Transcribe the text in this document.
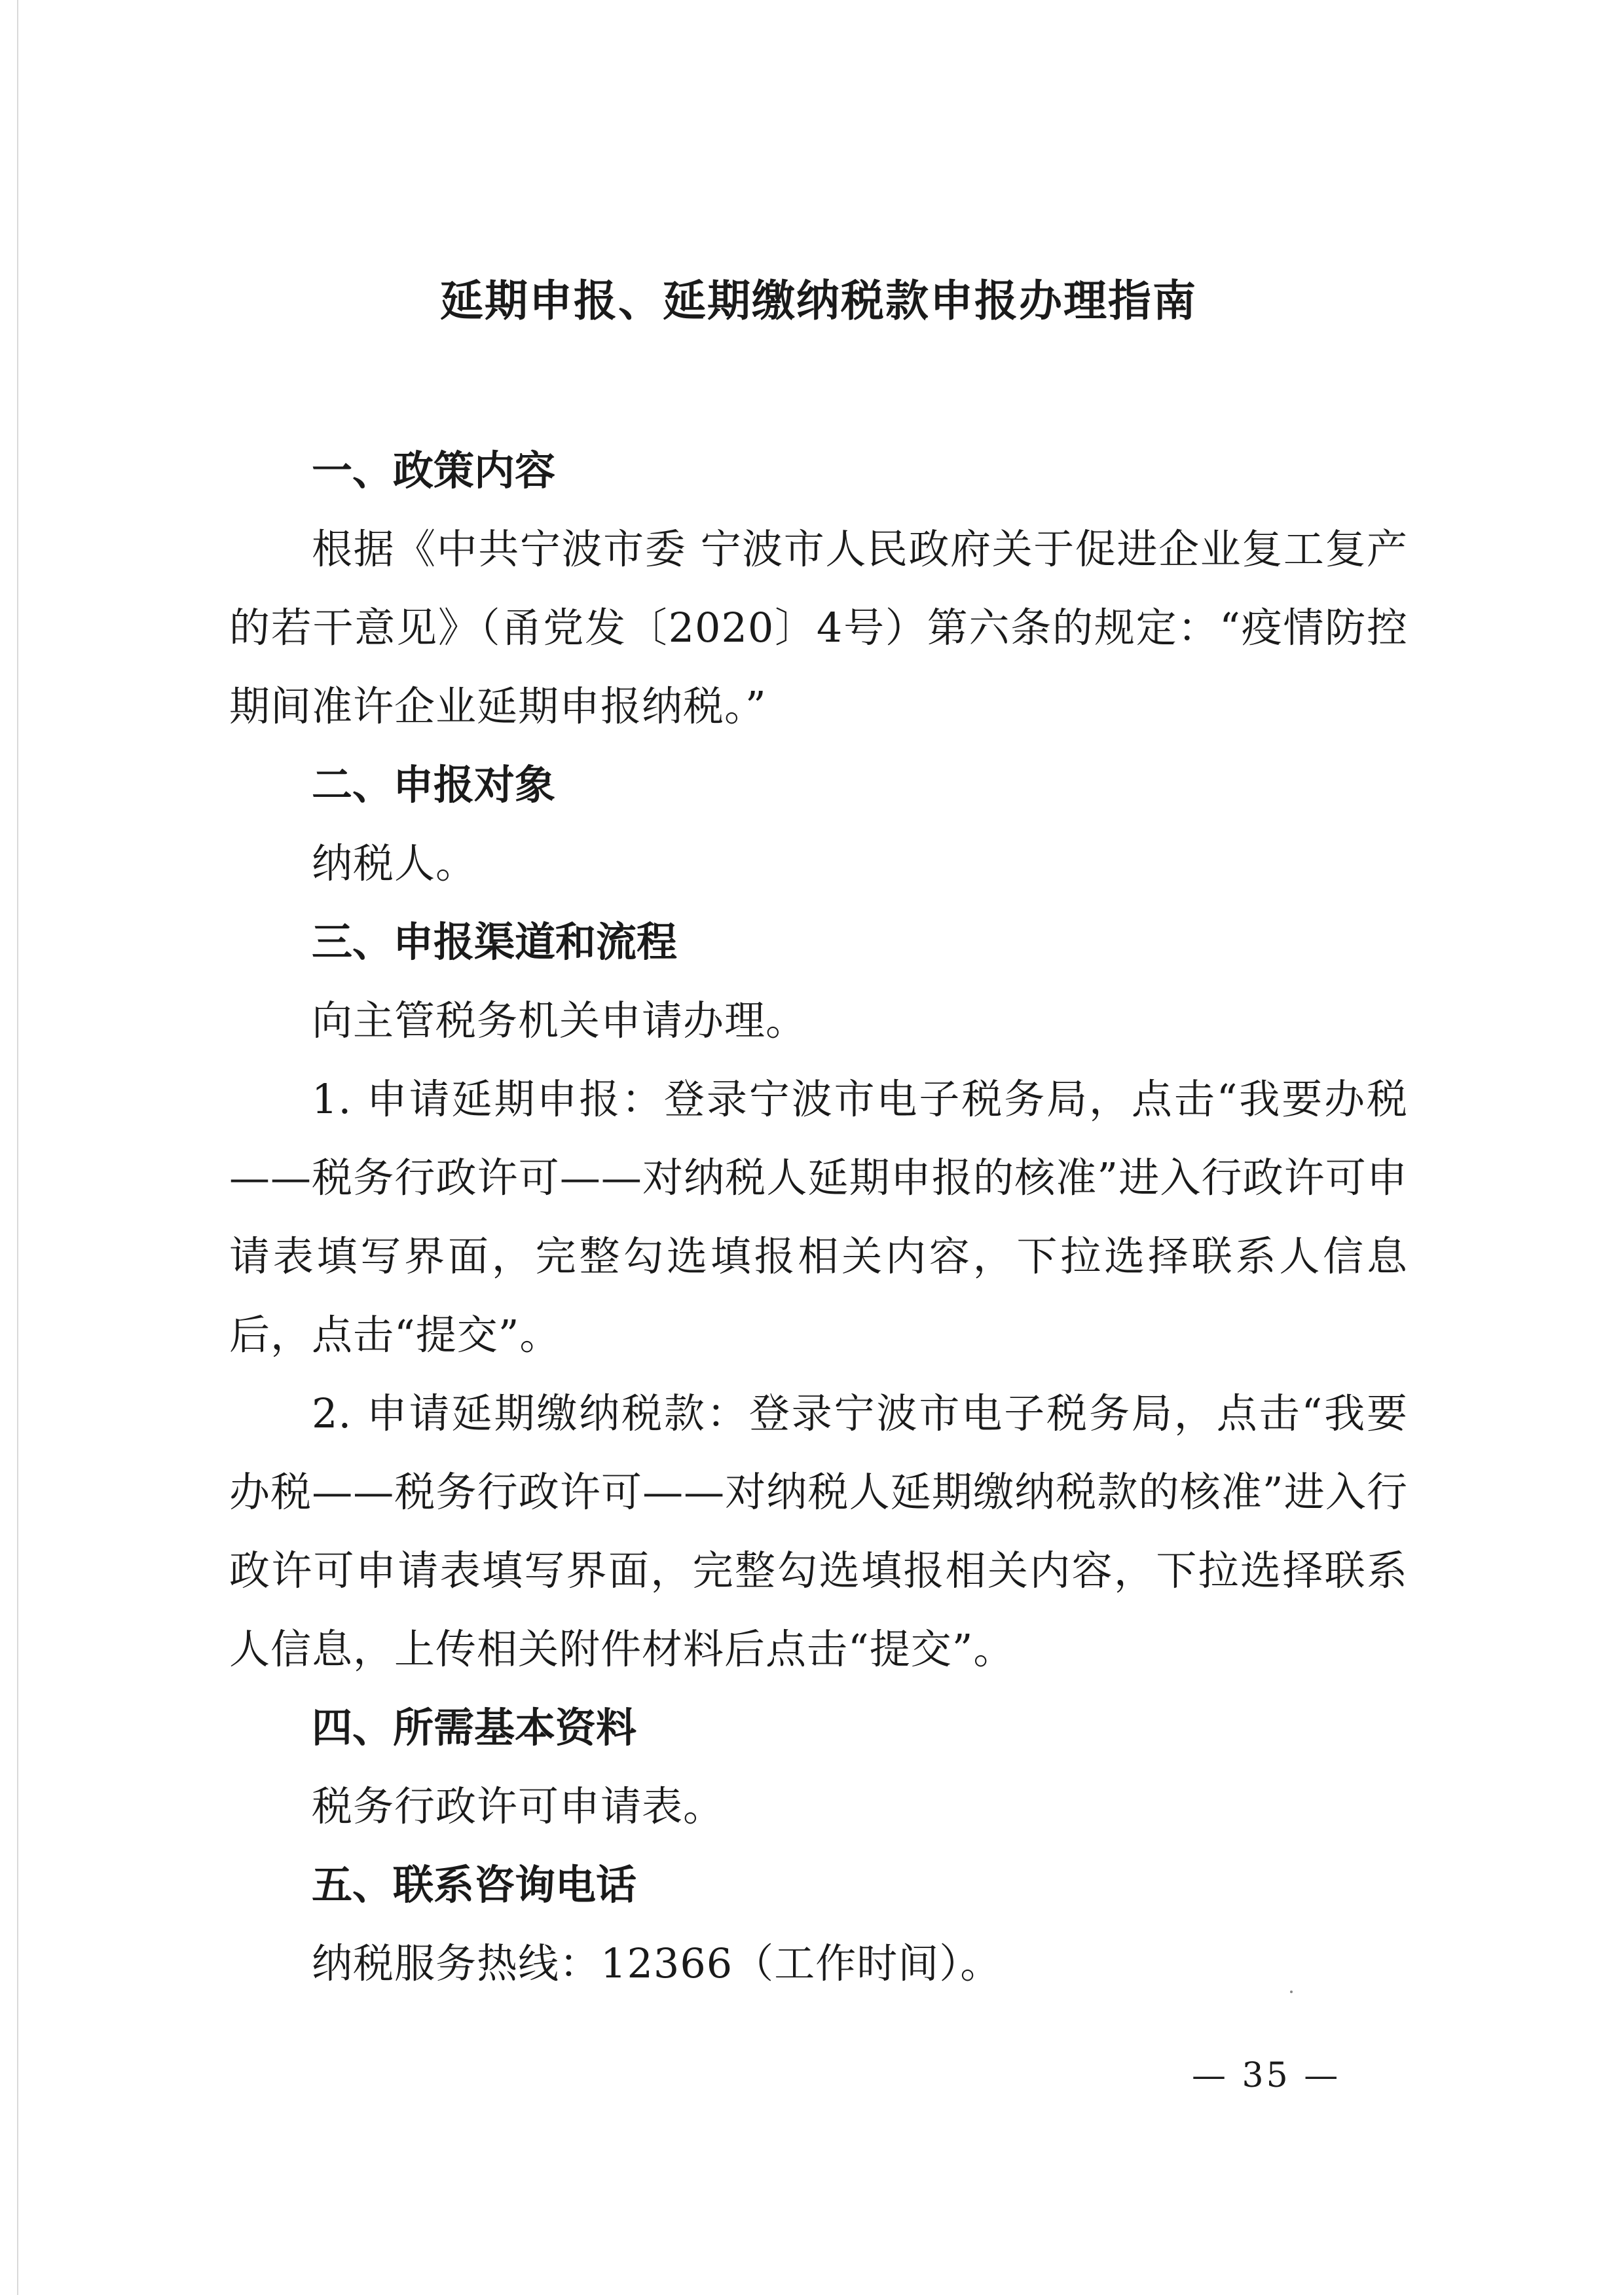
延期申报、延期缴纳税款申报办理指南
一、政策内容

根据《中共宁波市委 宁波市人民政府关于促进企业复工复产的若干意见》（甬党发〔2020〕4号）第六条的规定：“疫情防控期间准许企业延期申报纳税。”

二、申报对象

纳税人。

三、申报渠道和流程

向主管税务机关申请办理。

1. 申请延期申报：登录宁波市电子税务局，点击“我要办税——税务行政许可——对纳税人延期申报的核准”进入行政许可申请表填写界面，完整勾选填报相关内容，下拉选择联系人信息后，点击“提交”。

2. 申请延期缴纳税款：登录宁波市电子税务局，点击“我要办税——税务行政许可——对纳税人延期缴纳税款的核准”进入行政许可申请表填写界面，完整勾选填报相关内容，下拉选择联系人信息，上传相关附件材料后点击“提交”。

四、所需基本资料

税务行政许可申请表。

五、联系咨询电话

纳税服务热线：12366（工作时间）。

— 35 —
